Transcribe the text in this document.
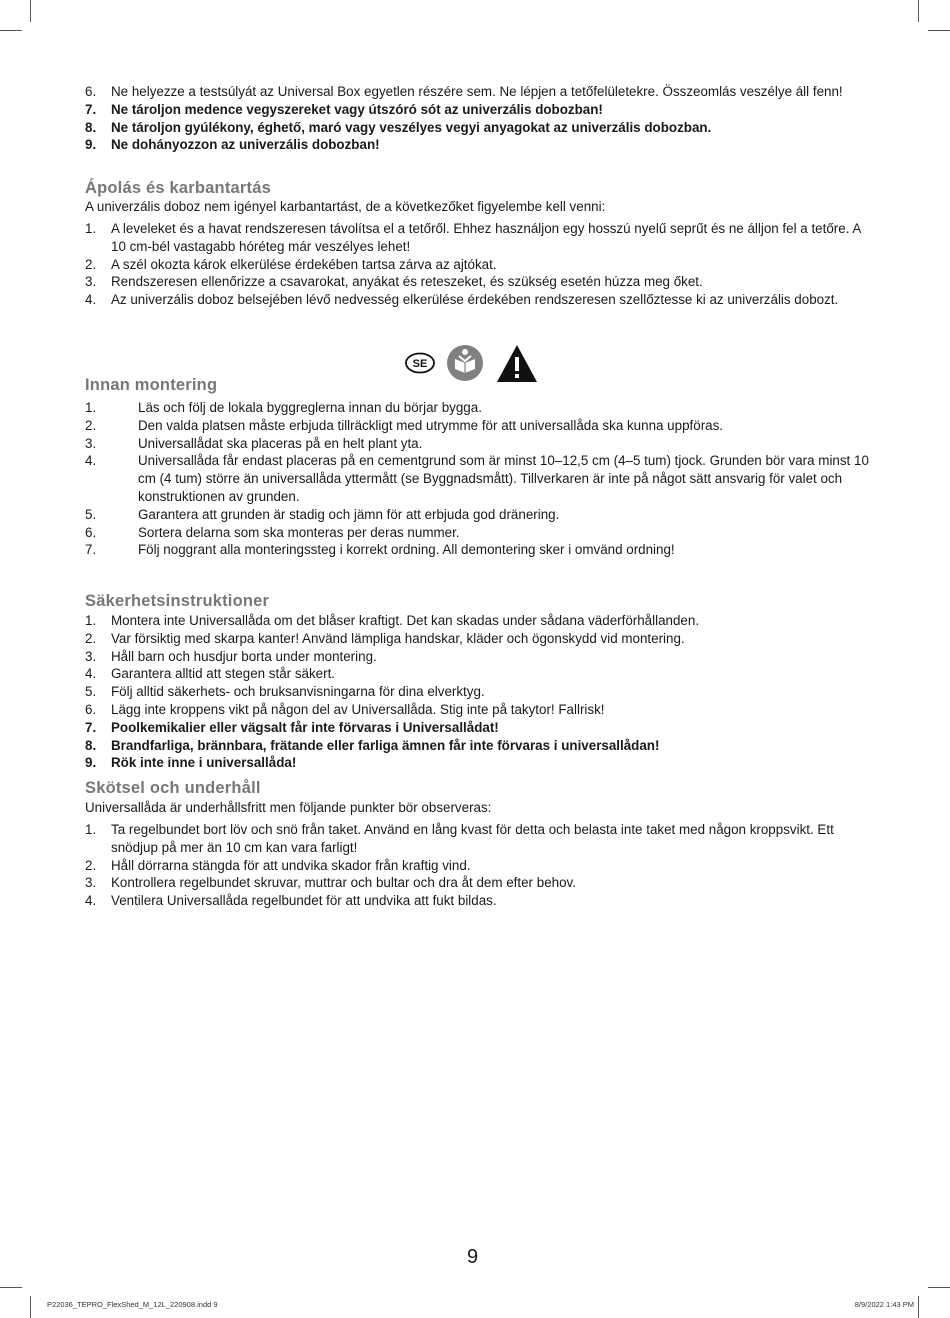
6. Ne helyezze a testsúlyát az Universal Box egyetlen részére sem. Ne lépjen a tetőfelületekre. Összeomlás veszélye áll fenn!
7. Ne tároljon medence vegyszereket vagy útszóró sót az univerzális dobozban!
8. Ne tároljon gyúlékony, éghető, maró vagy veszélyes vegyi anyagokat az univerzális dobozban.
9. Ne dohányozzon az univerzális dobozban!
Ápolás és karbantartás
A univerzális doboz nem igényel karbantartást, de a következőket figyelembe kell venni:
1. A leveleket és a havat rendszeresen távolítsa el a tetőről. Ehhez használjon egy hosszú nyelű seprűt és ne álljon fel a tetőre. A 10 cm-bél vastagabb hóréteg már veszélyes lehet!
2. A szél okozta károk elkerülése érdekében tartsa zárva az ajtókat.
3. Rendszeresen ellenőrizze a csavarokat, anyákat és reteszeket, és szükség esetén húzza meg őket.
4. Az univerzális doboz belsejében lévő nedvesség elkerülése érdekében rendszeresen szellőztesse ki az univerzális dobozt.
SE
Innan montering
1.	Läs och följ de lokala byggreglerna innan du börjar bygga.
2.	Den valda platsen måste erbjuda tillräckligt med utrymme för att universallåda ska kunna uppföras.
3.	Universallådat ska placeras på en helt plant yta.
4.	Universallåda får endast placeras på en cementgrund som är minst 10–12,5 cm (4–5 tum) tjock. Grunden bör vara minst 10 cm (4 tum) större än universallåda yttermått (se Byggnadsmått). Tillverkaren är inte på något sätt ansvarig för valet och konstruktionen av grunden.
5.	Garantera att grunden är stadig och jämn för att erbjuda god dränering.
6.	Sortera delarna som ska monteras per deras nummer.
7.	Följ noggrant alla monteringssteg i korrekt ordning. All demontering sker i omvänd ordning!
Säkerhetsinstruktioner
1. Montera inte Universallåda om det blåser kraftigt. Det kan skadas under sådana väderförhållanden.
2. Var försiktig med skarpa kanter! Använd lämpliga handskar, kläder och ögonskydd vid montering.
3. Håll barn och husdjur borta under montering.
4. Garantera alltid att stegen står säkert.
5. Följ alltid säkerhets- och bruksanvisningarna för dina elverktyg.
6. Lägg inte kroppens vikt på någon del av Universallåda. Stig inte på takytor! Fallrisk!
7. Poolkemikalier eller vägsalt får inte förvaras i Universallådat!
8. Brandfarliga, brännbara, frätande eller farliga ämnen får inte förvaras i universallådan!
9. Rök inte inne i universallåda!
Skötsel och underhåll
Universallåda är underhållsfritt men följande punkter bör observeras:
1. Ta regelbundet bort löv och snö från taket. Använd en lång kvast för detta och belasta inte taket med någon kroppsvikt. Ett snödjup på mer än 10 cm kan vara farligt!
2. Håll dörrarna stängda för att undvika skador från kraftig vind.
3. Kontrollera regelbundet skruvar, muttrar och bultar och dra åt dem efter behov.
4. Ventilera Universallåda regelbundet för att undvika att fukt bildas.
9
P22036_TEPRO_FlexShed_M_12L_220908.indd 9	8/9/2022 1:43 PM
